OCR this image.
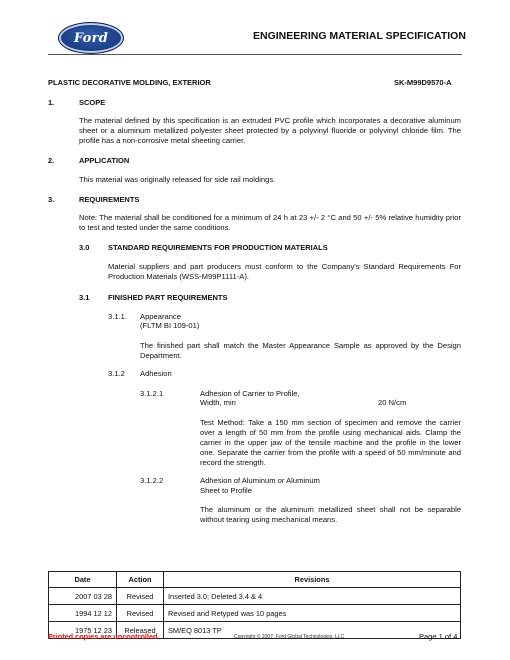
Ford	ENGINEERING MATERIAL SPECIFICATION
PLASTIC DECORATIVE MOLDING, EXTERIOR	SK-M99D9570-A
1.	SCOPE
The material defined by this specification is an extruded PVC profile which incorporates a decorative aluminum sheet or a aluminum metallized polyester sheet protected by a polyvinyl fluoride or polyvinyl chloride film. The profile has a non-corrosive metal sheeting carrier.
2.	APPLICATION
This material was originally released for side rail moldings.
3.	REQUIREMENTS
Note: The material shall be conditioned for a minimum of 24 h at 23 +/- 2 °C and 50 +/- 5% relative humidity prior to test and tested under the same conditions.
3.0 STANDARD REQUIREMENTS FOR PRODUCTION MATERIALS
Material suppliers and part producers must conform to the Company's Standard Requirements For Production Materials (WSS-M99P1111-A).
3.1 FINISHED PART REQUIREMENTS
3.1.1. Appearance
(FLTM BI 109-01)
The finished part shall match the Master Appearance Sample as approved by the Design Department.
3.1.2 Adhesion
3.1.2.1	Adhesion of Carrier to Profile,
Width, min	20 N/cm
Test Method: Take a 150 mm section of specimen and remove the carrier over a length of 50 mm from the profile using mechanical aids. Clamp the carrier in the upper jaw of the tensile machine and the profile in the lower one. Separate the carrier from the profile with a speed of 50 mm/minute and record the strength.
3.1.2.2	Adhesion of Aluminum or Aluminum
Sheet to Profile
The aluminum or the aluminum metallized sheet shall not be separable without tearing using mechanical means.
Date	Action	Revisions
2007 03 28	Revised	Inserted 3.0; Deleted 3.4 & 4
1994 12 12	Revised	Revised and Retyped was 10 pages
1975 12 23	Released	SM/EQ 8013 TP
Printed copies are uncontrolled	Copyright © 2007, Ford Global Technologies, LLC	Page 1 of 4
